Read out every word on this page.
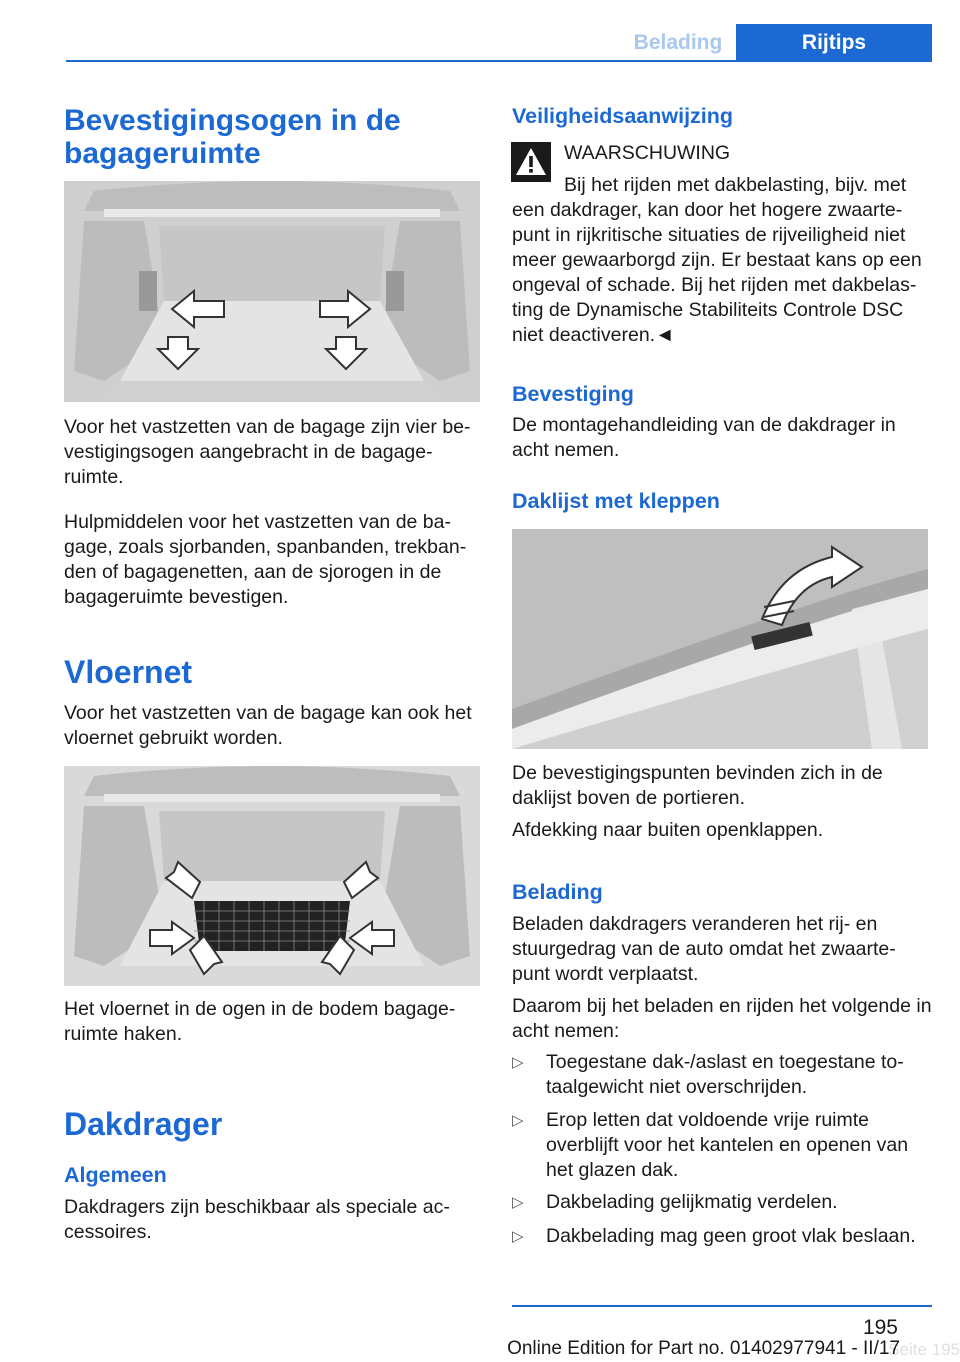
Belading	Rijtips
Bevestigingsogen in de bagageruimte

Voor het vastzetten van de bagage zijn vier be-vestigingsogen aangebracht in de bagage-ruimte.

Hulpmiddelen voor het vastzetten van de ba-gage, zoals sjorbanden, spanbanden, trekban-den of bagagenetten, aan de sjorogen in de bagageruimte bevestigen.

Vloernet

Voor het vastzetten van de bagage kan ook het vloernet gebruikt worden.

Het vloernet in de ogen in de bodem bagage-ruimte haken.

Dakdrager
Algemeen

Dakdragers zijn beschikbaar als speciale ac-cessoires.

Veiligheidsaanwijzing

WAARSCHUWING

Bij het rijden met dakbelasting, bijv. met

een dakdrager, kan door het hogere zwaarte-punt in rijkritische situaties de rijveiligheid niet meer gewaarborgd zijn. Er bestaat kans op een ongeval of schade. Bij het rijden met dakbelas-ting de Dynamische Stabiliteits Controle DSC niet deactiveren.◄

Bevestiging

De montagehandleiding van de dakdrager in acht nemen.

Daklijst met kleppen

De bevestigingspunten bevinden zich in de daklijst boven de portieren.

Afdekking naar buiten openklappen.

Belading

Beladen dakdragers veranderen het rij- en stuurgedrag van de auto omdat het zwaarte-punt wordt verplaatst.

Daarom bij het beladen en rijden het volgende in acht nemen:

▷ Toegestane dak-/aslast en toegestane to-taalgewicht niet overschrijden.
▷ Erop letten dat voldoende vrije ruimte overblijft voor het kantelen en openen van het glazen dak.
▷ Dakbelading gelijkmatig verdelen.
▷ Dakbelading mag geen groot vlak beslaan.
195
Seite 195
Online Edition for Part no. 01402977941 - II/17
